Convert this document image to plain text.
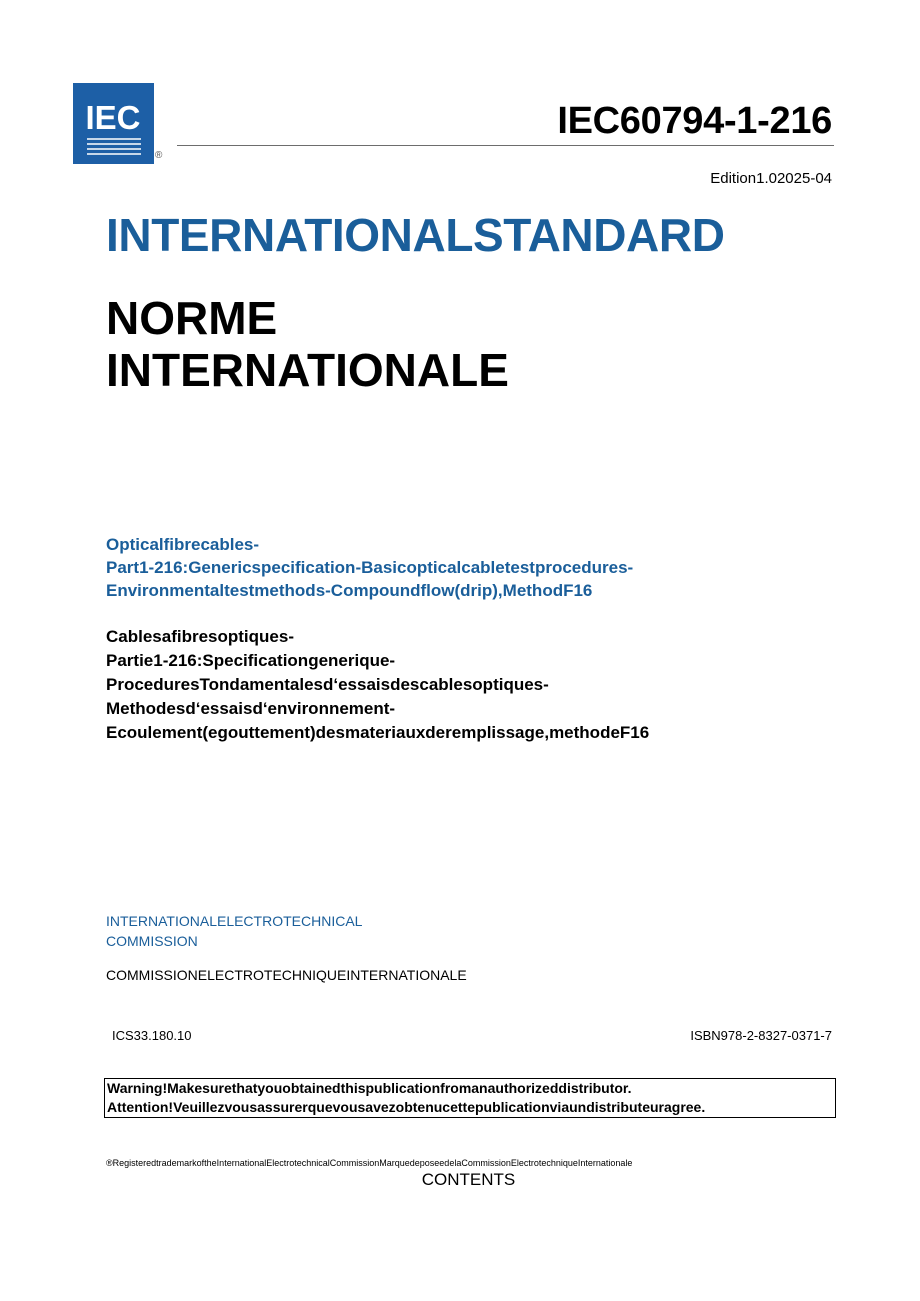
IEC
®
IEC60794-1-216
Edition1.02025-04
INTERNATIONALSTANDARD
NORME
INTERNATIONALE
Opticalfibrecables-
Part1-216:Genericspecification-Basicopticalcabletestprocedures-
Environmentaltestmethods-Compoundflow(drip),MethodF16
Cablesafibresoptiques-
Partie1-216:Specificationgenerique-
ProceduresTondamentalesd‘essaisdescablesoptiques-
Methodesd‘essaisd‘environnement-
Ecoulement(egouttement)desmateriauxderemplissage,methodeF16
INTERNATIONALELECTROTECHNICAL
COMMISSION
COMMISSIONELECTROTECHNIQUEINTERNATIONALE
ICS33.180.10	ISBN978-2-8327-0371-7
Warning!Makesurethatyouobtainedthispublicationfromanauthorizeddistributor.
Attention!Veuillezvousassurerquevousavezobtenucettepublicationviaundistributeuragree.
®RegisteredtrademarkoftheInternationalElectrotechnicalCommissionMarquedeposeedelaCommissionElectrotechniqueInternationale
CONTENTS
